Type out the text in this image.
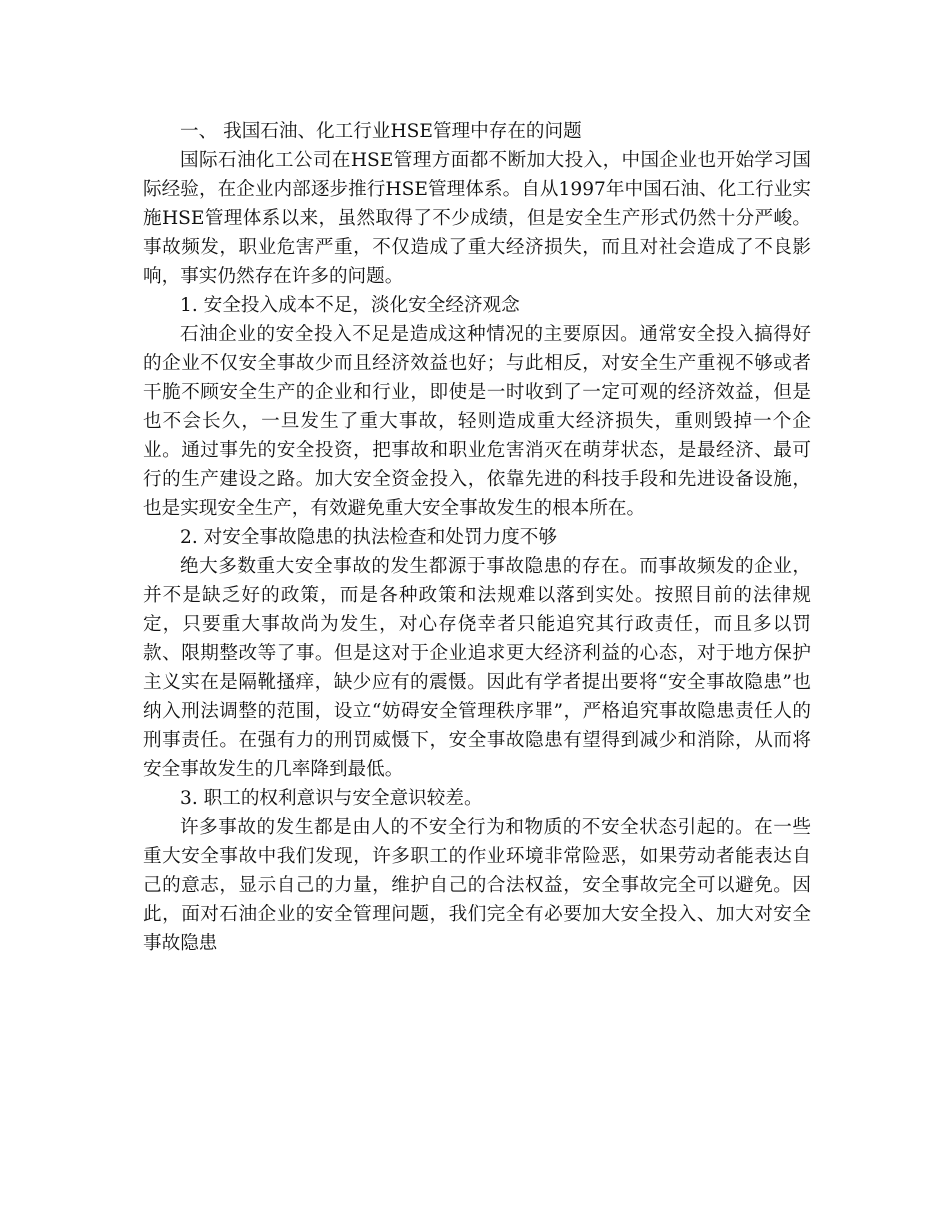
一、 我国石油、化工行业HSE管理中存在的问题

国际石油化工公司在HSE管理方面都不断加大投入，中国企业也开始学习国际经验，在企业内部逐步推行HSE管理体系。自从1997年中国石油、化工行业实施HSE管理体系以来，虽然取得了不少成绩，但是安全生产形式仍然十分严峻。事故频发，职业危害严重，不仅造成了重大经济损失，而且对社会造成了不良影响，事实仍然存在许多的问题。

1. 安全投入成本不足，淡化安全经济观念

石油企业的安全投入不足是造成这种情况的主要原因。通常安全投入搞得好的企业不仅安全事故少而且经济效益也好；与此相反，对安全生产重视不够或者干脆不顾安全生产的企业和行业，即使是一时收到了一定可观的经济效益，但是也不会长久，一旦发生了重大事故，轻则造成重大经济损失，重则毁掉一个企业。通过事先的安全投资，把事故和职业危害消灭在萌芽状态，是最经济、最可行的生产建设之路。加大安全资金投入，依靠先进的科技手段和先进设备设施，也是实现安全生产，有效避免重大安全事故发生的根本所在。

2. 对安全事故隐患的执法检查和处罚力度不够

绝大多数重大安全事故的发生都源于事故隐患的存在。而事故频发的企业，并不是缺乏好的政策，而是各种政策和法规难以落到实处。按照目前的法律规定，只要重大事故尚为发生，对心存侥幸者只能追究其行政责任，而且多以罚款、限期整改等了事。但是这对于企业追求更大经济利益的心态，对于地方保护主义实在是隔靴搔痒，缺少应有的震慑。因此有学者提出要将“安全事故隐患”也纳入刑法调整的范围，设立“妨碍安全管理秩序罪”，严格追究事故隐患责任人的刑事责任。在强有力的刑罚威慑下，安全事故隐患有望得到减少和消除，从而将安全事故发生的几率降到最低。

3. 职工的权利意识与安全意识较差。

许多事故的发生都是由人的不安全行为和物质的不安全状态引起的。在一些重大安全事故中我们发现，许多职工的作业环境非常险恶，如果劳动者能表达自己的意志，显示自己的力量，维护自己的合法权益，安全事故完全可以避免。因此，面对石油企业的安全管理问题，我们完全有必要加大安全投入、加大对安全事故隐患
